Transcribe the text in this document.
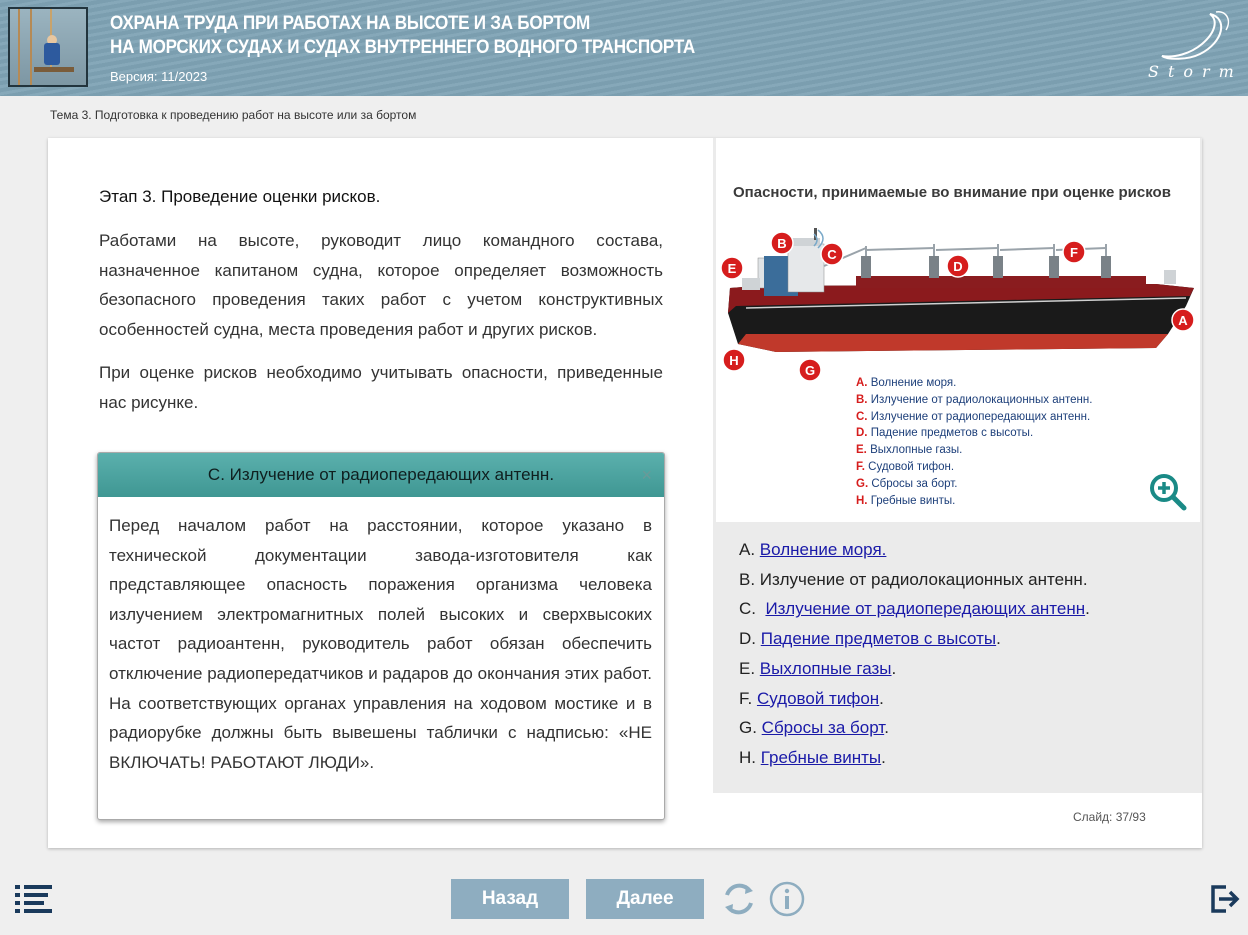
ОХРАНА ТРУДА ПРИ РАБОТАХ НА ВЫСОТЕ И ЗА БОРТОМ
НА МОРСКИХ СУДАХ И СУДАХ ВНУТРЕННЕГО ВОДНОГО ТРАНСПОРТА
Версия: 11/2023	Storm
Тема 3. Подготовка к проведению работ на высоте или за бортом
Этап 3. Проведение оценки рисков.
Работами на высоте, руководит лицо командного состава, назначенное капитаном судна, которое определяет возможность безопасного проведения таких работ с учетом конструктивных особенностей судна, места проведения работ и других рисков.
При оценке рисков необходимо учитывать опасности, приведенные нас рисунке.
Опасности, принимаемые во внимание при оценке рисков
A
B
C
D
E
F
G
H
A. Волнение моря.
B. Излучение от радиолокационных антенн.
C. Излучение от радиопередающих антенн.
D. Падение предметов с высоты.
E. Выхлопные газы.
F. Судовой тифон.
G. Сбросы за борт.
H. Гребные винты.
A. Волнение моря.
B. Излучение от радиолокационных антенн.
C.  Излучение от радиопередающих антенн.
D. Падение предметов с высоты.
E. Выхлопные газы.
F. Судовой тифон.
G. Сбросы за борт.
H. Гребные винты.
Слайд: 37/93
C. Излучение от радиопередающих антенн.	×
Перед началом работ на расстоянии, которое указано в технической документации завода-изготовителя как представляющее опасность поражения организма человека излучением электромагнитных полей высоких и сверхвысоких частот радиоантенн, руководитель работ обязан обеспечить отключение радиопередатчиков и радаров до окончания этих работ. На соответствующих органах управления на ходовом мостике и в радиорубке должны быть вывешены таблички с надписью: «НЕ ВКЛЮЧАТЬ! РАБОТАЮТ ЛЮДИ».
Назад	Далее
